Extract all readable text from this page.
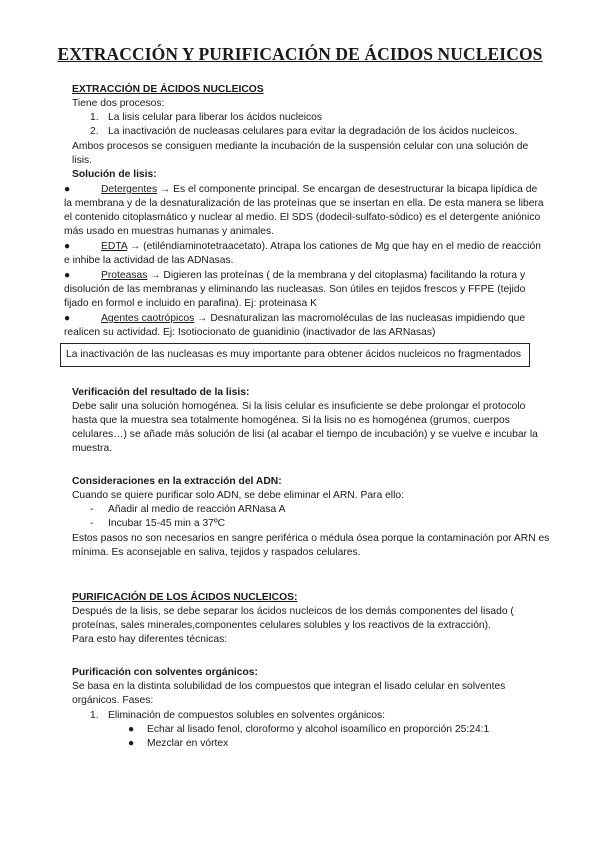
EXTRACCIÓN Y PURIFICACIÓN DE ÁCIDOS NUCLEICOS
EXTRACCIÓN DE ÁCIDOS NUCLEICOS
Tiene dos procesos:
1. La lisis celular para liberar los ácidos nucleicos
2. La inactivación de nucleasas celulares para evitar la degradación de los ácidos nucleicos.
Ambos procesos se consiguen mediante la incubación de la suspensión celular con una solución de
lisis.
Solución de lisis:
●	Detergentes → Es el componente principal. Se encargan de desestructurar la bicapa lipídica de
la membrana y de la desnaturalización de las proteínas que se insertan en ella. De esta manera se libera
el contenido citoplasmático y nuclear al medio. El SDS (dodecil-sulfato-sódico) es el detergente aniónico
más usado en muestras humanas y animales.
●	EDTA → (etiléndiaminotetraacetato). Atrapa los cationes de Mg que hay en el medio de reacción
e inhibe la actividad de las ADNasas.
●	Proteasas → Digieren las proteínas ( de la membrana y del citoplasma) facilitando la rotura y
disolución de las membranas y eliminando las nucleasas. Son útiles en tejidos frescos y FFPE (tejido
fijado en formol e incluido en parafina). Ej: proteinasa K
●	Agentes caotrópicos → Desnaturalizan las macromoléculas de las nucleasas impidiendo que
realicen su actividad. Ej: Isotiocionato de guanidinio (inactivador de las ARNasas)
La inactivación de las nucleasas es muy importante para obtener ácidos nucleicos no fragmentados
Verificación del resultado de la lisis:
Debe salir una solución homogénea. Si la lisis celular es insuficiente se debe prolongar el protocolo
hasta que la muestra sea totalmente homogénea. Si la lisis no es homogénea (grumos, cuerpos
celulares…) se añade más solución de lisi (al acabar el tiempo de incubación) y se vuelve e incubar la
muestra.
Consideraciones en la extracción del ADN:
Cuando se quiere purificar solo ADN, se debe eliminar el ARN. Para ello:
- Añadir al medio de reacción ARNasa A
- Incubar 15-45 min a 37ºC
Estos pasos no son necesarios en sangre periférica o médula ósea porque la contaminación por ARN es
mínima. Es aconsejable en saliva, tejidos y raspados celulares.
PURIFICACIÓN DE LOS ÁCIDOS NUCLEICOS:
Después de la lisis, se debe separar los ácidos nucleicos de los demás componentes del lisado (
proteínas, sales minerales,componentes celulares solubles y los reactivos de la extracción).
Para esto hay diferentes técnicas:
Purificación con solventes orgánicos:
Se basa en la distinta solubilidad de los compuestos que integran el lisado celular en solventes
orgánicos. Fases:
1. Eliminación de compuestos solubles en solventes orgánicos:
● Echar al lisado fenol, cloroformo y alcohol isoamílico en proporción 25:24:1
● Mezclar en vórtex
